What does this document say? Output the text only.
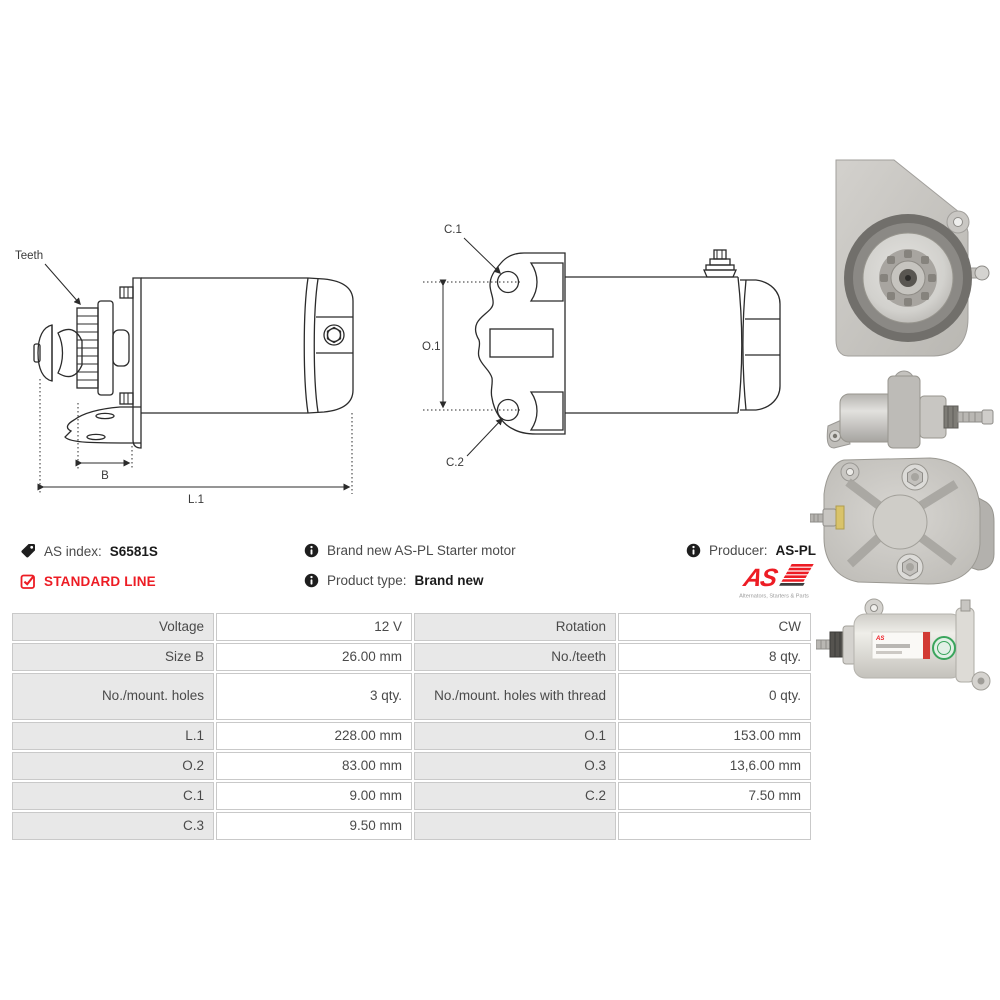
Teeth
B
L.1
C.1
O.1
C.2
AS
AS index: S6581S	Brand new AS-PL Starter motor	Producer: AS-PL
STANDARD LINE	Product type: Brand new	AS
Alternators, Starters & Parts
Voltage	12 V	Rotation	CW
Size B	26.00 mm	No./teeth	8 qty.
No./mount. holes	3 qty.	No./mount. holes with thread	0 qty.
L.1	228.00 mm	O.1	153.00 mm
O.2	83.00 mm	O.3	13,6.00 mm
C.1	9.00 mm	C.2	7.50 mm
C.3	9.50 mm		
